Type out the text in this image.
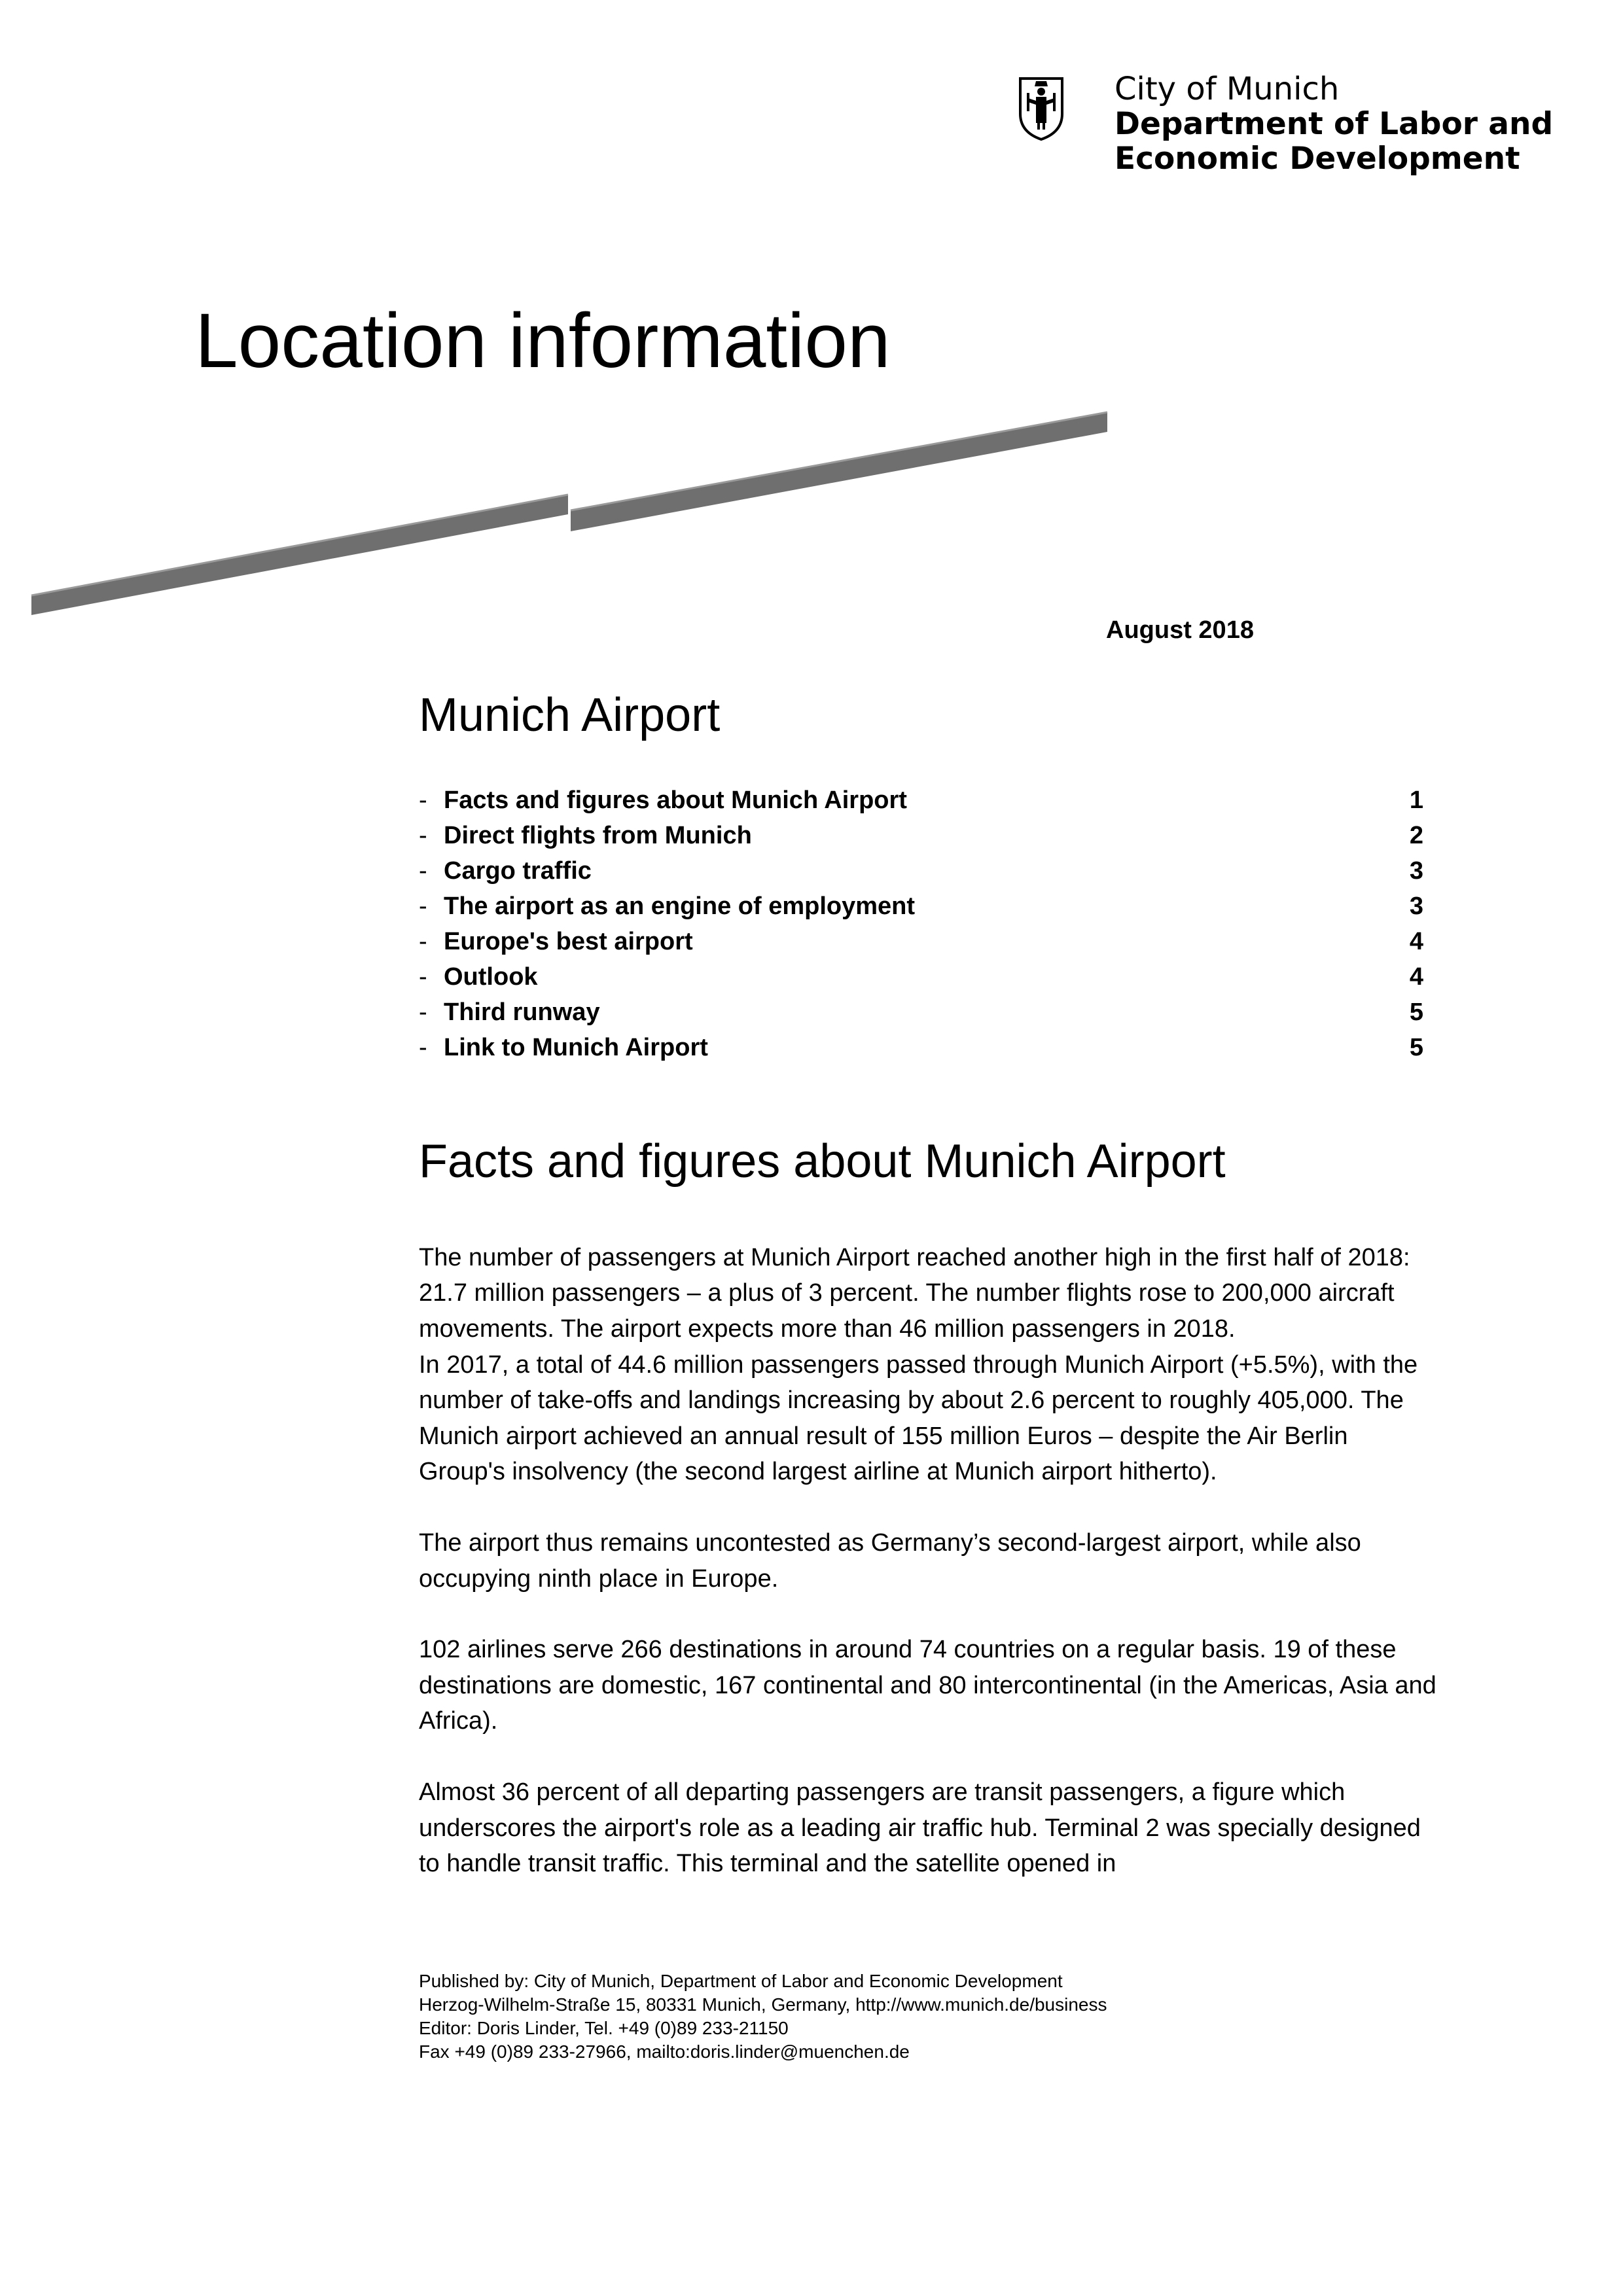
City of Munich
Department of Labor and
Economic Development
Location information
August 2018
Munich Airport
- Facts and figures about Munich Airport	1
- Direct flights from Munich	2
- Cargo traffic	3
- The airport as an engine of employment	3
- Europe's best airport	4
- Outlook	4
- Third runway	5
- Link to Munich Airport	5
Facts and figures about Munich Airport

The number of passengers at Munich Airport reached another high in the first half of 2018: 21.7 million passengers – a plus of 3 percent. The number flights rose to 200,000 aircraft movements. The airport expects more than 46 million passengers in 2018.

In 2017, a total of 44.6 million passengers passed through Munich Airport (+5.5%), with the number of take-offs and landings increasing by about 2.6 percent to roughly 405,000. The Munich airport achieved an annual result of 155 million Euros – despite the Air Berlin Group's insolvency (the second largest airline at Munich airport hitherto).

The airport thus remains uncontested as Germany’s second-largest airport, while also occupying ninth place in Europe.

102 airlines serve 266 destinations in around 74 countries on a regular basis. 19 of these destinations are domestic, 167 continental and 80 intercontinental (in the Americas, Asia and Africa).

Almost 36 percent of all departing passengers are transit passengers, a figure which underscores the airport's role as a leading air traffic hub. Terminal 2 was specially designed to handle transit traffic. This terminal and the satellite opened in

Published by: City of Munich, Department of Labor and Economic Development
Herzog-Wilhelm-Straße 15, 80331 Munich, Germany, http://www.munich.de/business
Editor: Doris Linder, Tel. +49 (0)89 233-21150
Fax +49 (0)89 233-27966, mailto:doris.linder@muenchen.de
